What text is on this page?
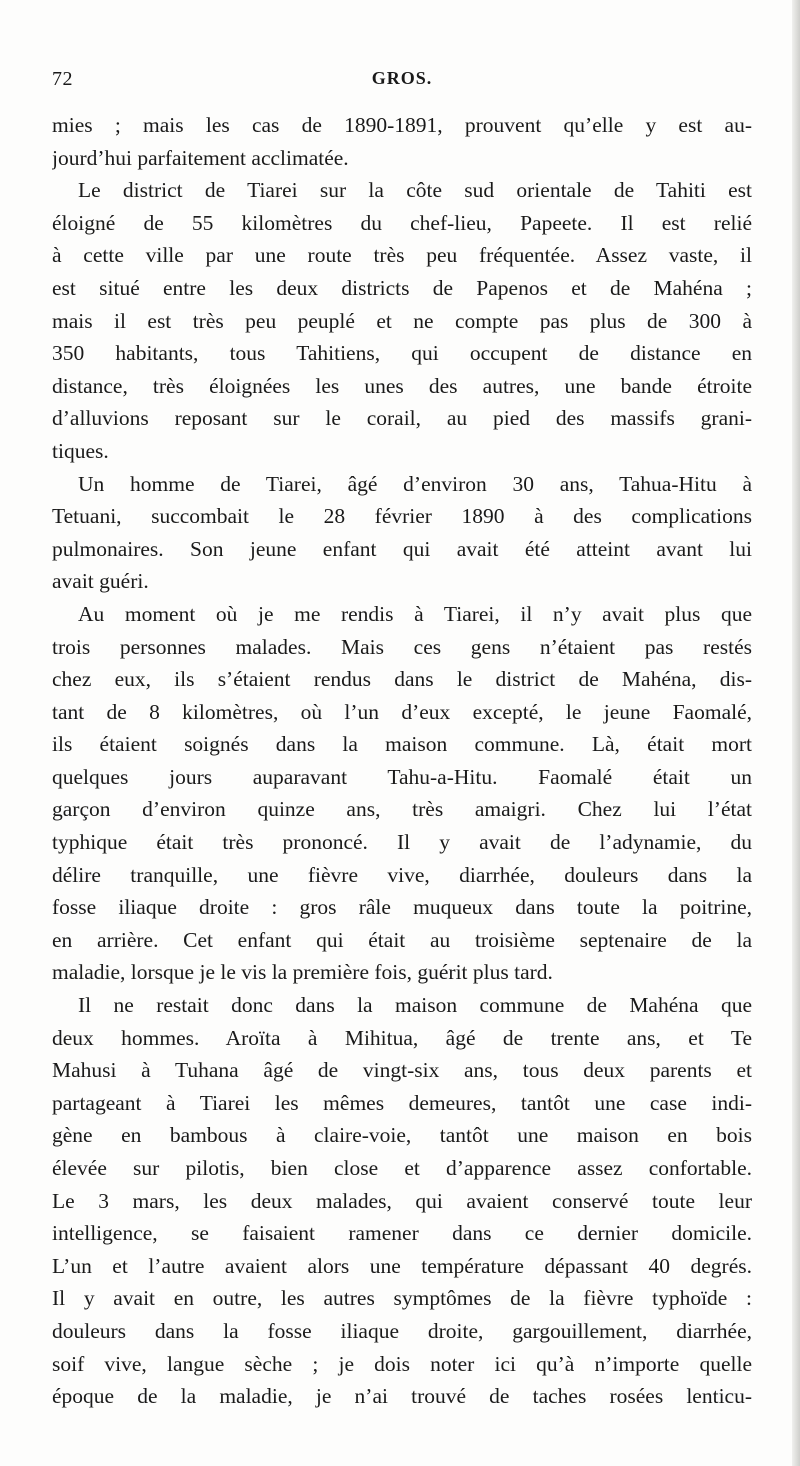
72	GROS.
mies ; mais les cas de 1890-1891, prouvent qu’elle y est au-
jourd’hui parfaitement acclimatée.
Le district de Tiarei sur la côte sud orientale de Tahiti est
éloigné de 55 kilomètres du chef-lieu, Papeete. Il est relié
à cette ville par une route très peu fréquentée. Assez vaste, il
est situé entre les deux districts de Papenos et de Mahéna ;
mais il est très peu peuplé et ne compte pas plus de 300 à
350 habitants, tous Tahitiens, qui occupent de distance en
distance, très éloignées les unes des autres, une bande étroite
d’alluvions reposant sur le corail, au pied des massifs grani-
tiques.
Un homme de Tiarei, âgé d’environ 30 ans, Tahua-Hitu à
Tetuani, succombait le 28 février 1890 à des complications
pulmonaires. Son jeune enfant qui avait été atteint avant lui
avait guéri.
Au moment où je me rendis à Tiarei, il n’y avait plus que
trois personnes malades. Mais ces gens n’étaient pas restés
chez eux, ils s’étaient rendus dans le district de Mahéna, dis-
tant de 8 kilomètres, où l’un d’eux excepté, le jeune Faomalé,
ils étaient soignés dans la maison commune. Là, était mort
quelques jours auparavant Tahu-a-Hitu. Faomalé était un
garçon d’environ quinze ans, très amaigri. Chez lui l’état
typhique était très prononcé. Il y avait de l’adynamie, du
délire tranquille, une fièvre vive, diarrhée, douleurs dans la
fosse iliaque droite : gros râle muqueux dans toute la poitrine,
en arrière. Cet enfant qui était au troisième septenaire de la
maladie, lorsque je le vis la première fois, guérit plus tard.
Il ne restait donc dans la maison commune de Mahéna que
deux hommes. Aroïta à Mihitua, âgé de trente ans, et Te
Mahusi à Tuhana âgé de vingt-six ans, tous deux parents et
partageant à Tiarei les mêmes demeures, tantôt une case indi-
gène en bambous à claire-voie, tantôt une maison en bois
élevée sur pilotis, bien close et d’apparence assez confortable.
Le 3 mars, les deux malades, qui avaient conservé toute leur
intelligence, se faisaient ramener dans ce dernier domicile.
L’un et l’autre avaient alors une température dépassant 40 degrés.
Il y avait en outre, les autres symptômes de la fièvre typhoïde :
douleurs dans la fosse iliaque droite, gargouillement, diarrhée,
soif vive, langue sèche ; je dois noter ici qu’à n’importe quelle
époque de la maladie, je n’ai trouvé de taches rosées lenticu-
